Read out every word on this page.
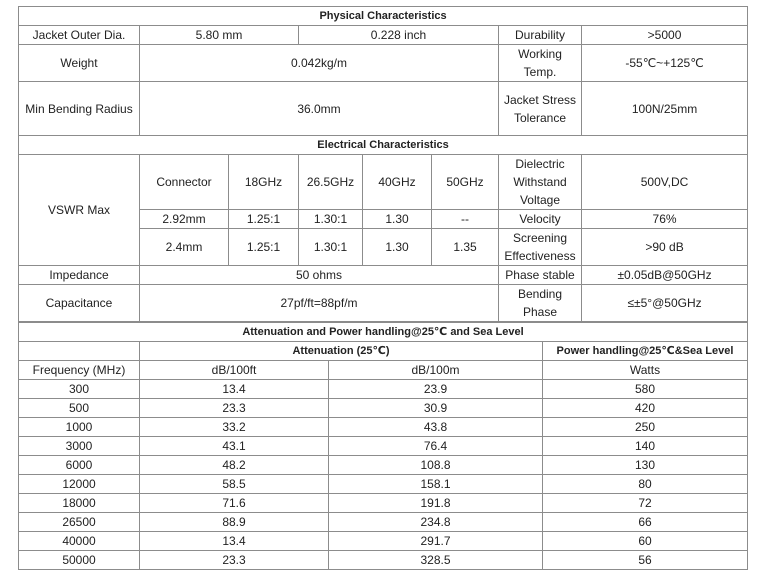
Physical Characteristics							
Jacket Outer Dia.	5.80 mm		0.228 inch			Durability	>5000
Weight	0.042kg/m					Working Temp.	-55℃~+125℃
Min Bending Radius	36.0mm					Jacket Stress Tolerance	100N/25mm
Electrical Characteristics							
VSWR Max	Connector	18GHz	26.5GHz	40GHz	50GHz	Dielectric Withstand Voltage	500V,DC
	2.92mm	1.25:1	1.30:1	1.30	--	Velocity	76%
	2.4mm	1.25:1	1.30:1	1.30	1.35	Screening Effectiveness	>90 dB
Impedance	50 ohms					Phase stable	±0.05dB@50GHz
Capacitance	27pf/ft=88pf/m					Bending Phase	≤±5°@50GHz
Attenuation and Power handling@25℃ and Sea Level			
	Attenuation (25℃)		Power handling@25℃&Sea Level
Frequency (MHz)	dB/100ft	dB/100m	Watts
300	13.4	23.9	580
500	23.3	30.9	420
1000	33.2	43.8	250
3000	43.1	76.4	140
6000	48.2	108.8	130
12000	58.5	158.1	80
18000	71.6	191.8	72
26500	88.9	234.8	66
40000	13.4	291.7	60
50000	23.3	328.5	56
